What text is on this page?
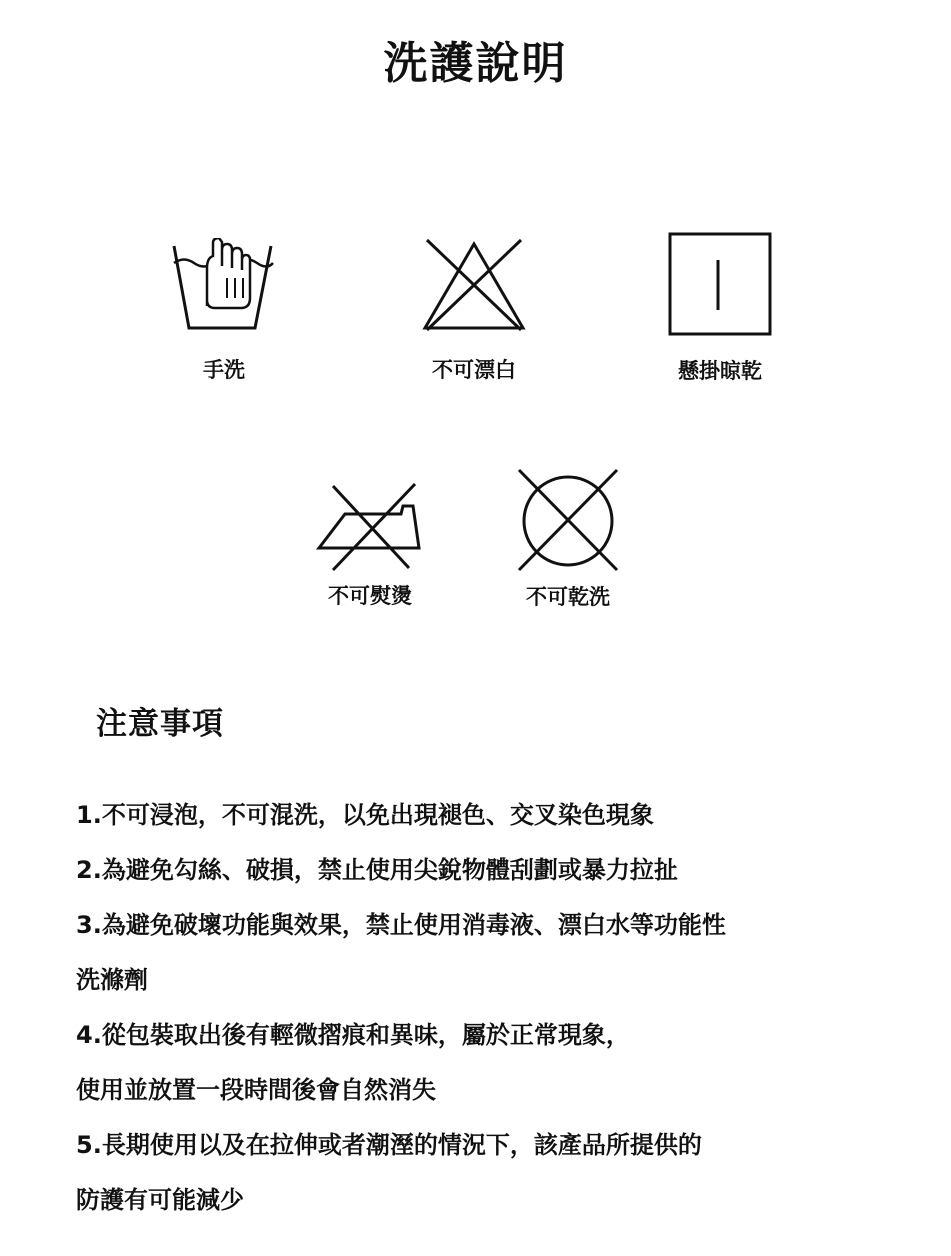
洗護說明
手洗	不可漂白	懸掛晾乾
不可熨燙	不可乾洗
注意事項
1.不可浸泡，不可混洗，以免出現褪色、交叉染色現象
2.為避免勾絲、破損，禁止使用尖銳物體刮劃或暴力拉扯
3.為避免破壞功能與效果，禁止使用消毒液、漂白水等功能性
洗滌劑
4.從包裝取出後有輕微摺痕和異味，屬於正常現象，
使用並放置一段時間後會自然消失
5.長期使用以及在拉伸或者潮溼的情況下，該產品所提供的
防護有可能減少
